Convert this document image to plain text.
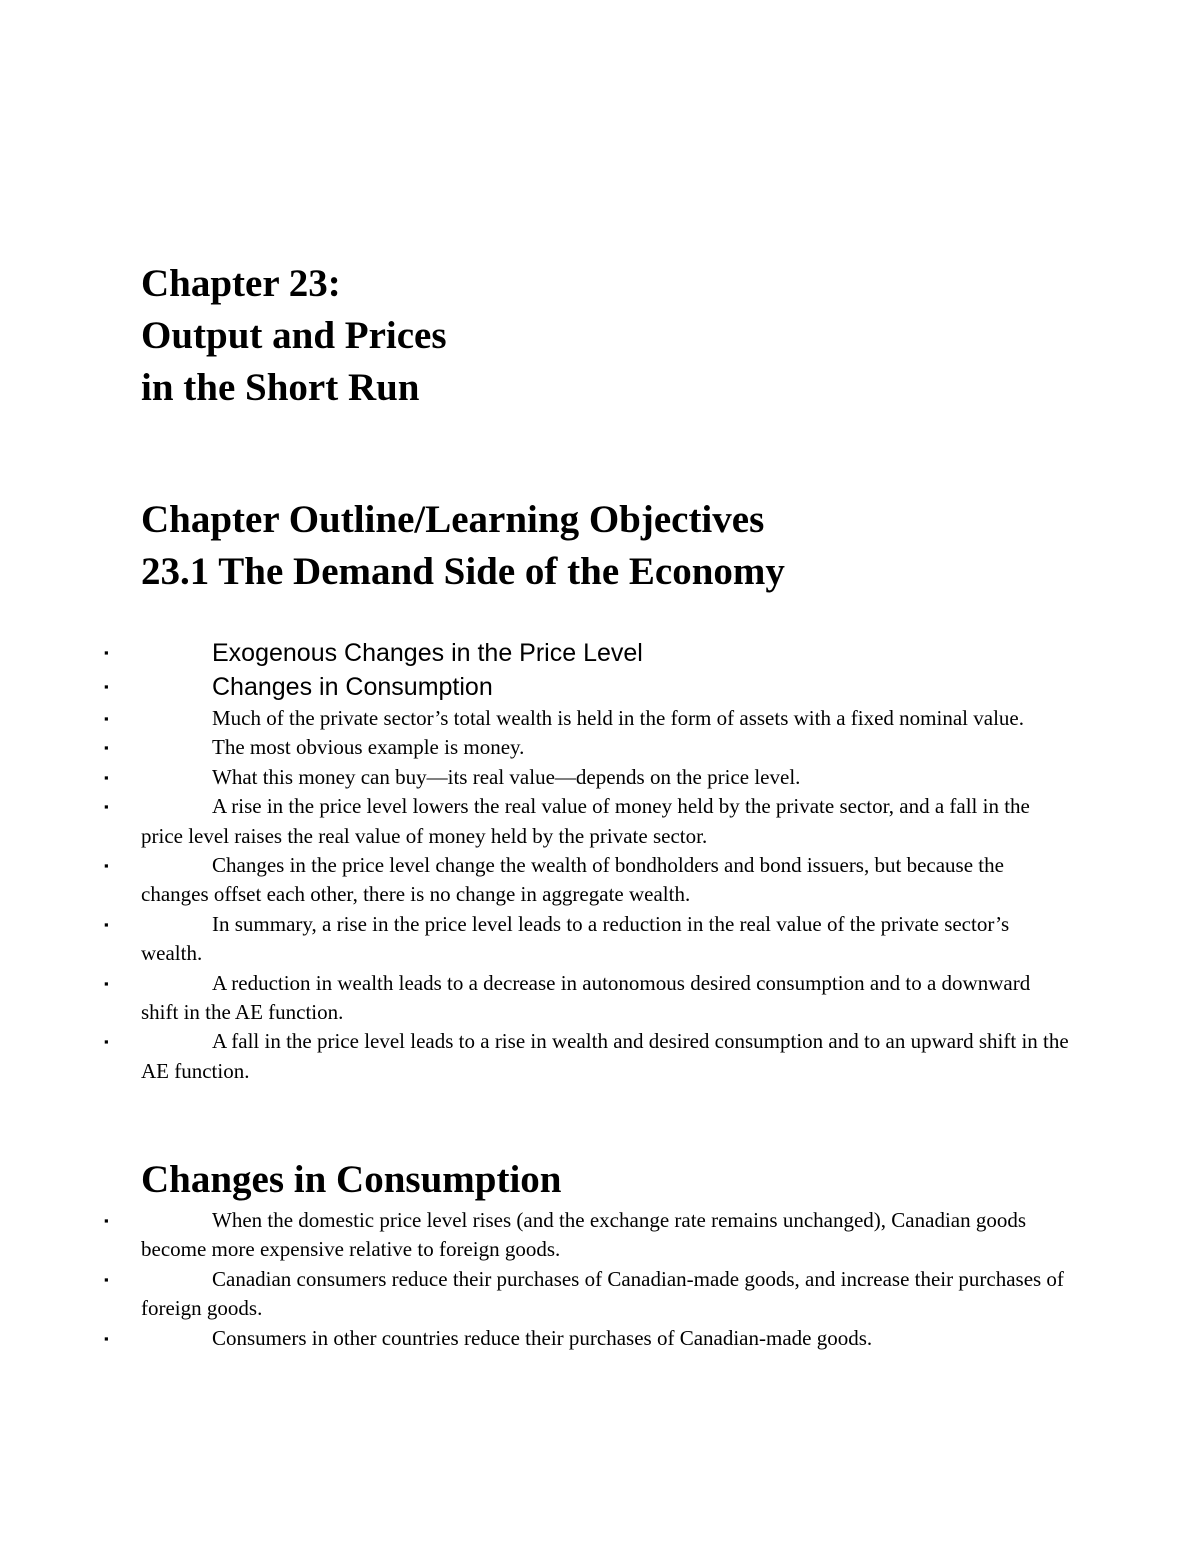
Chapter 23:
Output and Prices
in the Short Run
Chapter Outline/Learning Objectives
23.1 The Demand Side of the Economy
▪	Exogenous Changes in the Price Level
▪	Changes in Consumption
▪	Much of the private sector’s total wealth is held in the form of assets with a fixed nominal value.
▪	The most obvious example is money.
▪	What this money can buy—its real value—depends on the price level.
▪	A rise in the price level lowers the real value of money held by the private sector, and a fall in the price level raises the real value of money held by the private sector.
▪	Changes in the price level change the wealth of bondholders and bond issuers, but because the changes offset each other, there is no change in aggregate wealth.
▪	In summary, a rise in the price level leads to a reduction in the real value of the private sector’s wealth.
▪	A reduction in wealth leads to a decrease in autonomous desired consumption and to a downward shift in the AE function.
▪	A fall in the price level leads to a rise in wealth and desired consumption and to an upward shift in the AE function.
Changes in Consumption
▪	When the domestic price level rises (and the exchange rate remains unchanged), Canadian goods become more expensive relative to foreign goods.
▪	Canadian consumers reduce their purchases of Canadian-made goods, and increase their purchases of foreign goods.
▪	Consumers in other countries reduce their purchases of Canadian-made goods.
